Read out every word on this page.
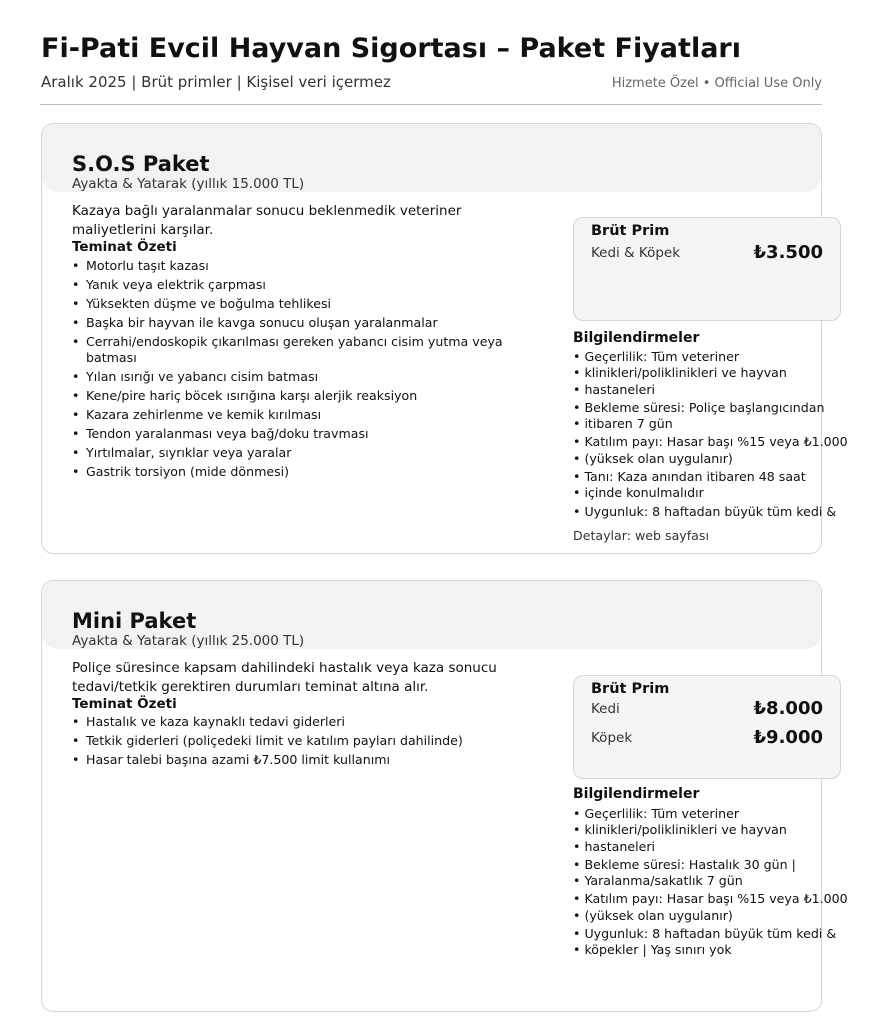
Fi-Pati Evcil Hayvan Sigortası – Paket Fiyatları
Aralık 2025 | Brüt primler | Kişisel veri içermez	Hizmete Özel • Official Use Only
S.O.S Paket
Ayakta & Yatarak (yıllık 15.000 TL)
Kazaya bağlı yaralanmalar sonucu beklenmedik veteriner maliyetlerini karşılar.
Teminat Özeti
• Motorlu taşıt kazası
• Yanık veya elektrik çarpması
• Yüksekten düşme ve boğulma tehlikesi
• Başka bir hayvan ile kavga sonucu oluşan yaralanmalar
• Cerrahi/endoskopik çıkarılması gereken yabancı cisim yutma veya batması
• Yılan ısırığı ve yabancı cisim batması
• Kene/pire hariç böcek ısırığına karşı alerjik reaksiyon
• Kazara zehirlenme ve kemik kırılması
• Tendon yaralanması veya bağ/doku travması
• Yırtılmalar, sıyrıklar veya yaralar
• Gastrik torsiyon (mide dönmesi)
Brüt Prim
Kedi & Köpek	₺3.500
Bilgilendirmeler
• Geçerlilik: Tüm veteriner
• klinikleri/poliklinikleri ve hayvan
• hastaneleri
• Bekleme süresi: Poliçe başlangıcından
• itibaren 7 gün
• Katılım payı: Hasar başı %15 veya ₺1.000
• (yüksek olan uygulanır)
• Tanı: Kaza anından itibaren 48 saat
• içinde konulmalıdır
• Uygunluk: 8 haftadan büyük tüm kedi &
Detaylar: web sayfası
Mini Paket
Ayakta & Yatarak (yıllık 25.000 TL)
Poliçe süresince kapsam dahilindeki hastalık veya kaza sonucu tedavi/tetkik gerektiren durumları teminat altına alır.
Teminat Özeti
• Hastalık ve kaza kaynaklı tedavi giderleri
• Tetkik giderleri (poliçedeki limit ve katılım payları dahilinde)
• Hasar talebi başına azami ₺7.500 limit kullanımı
Brüt Prim
Kedi	₺8.000
Köpek	₺9.000
Bilgilendirmeler
• Geçerlilik: Tüm veteriner
• klinikleri/poliklinikleri ve hayvan
• hastaneleri
• Bekleme süresi: Hastalık 30 gün |
• Yaralanma/sakatlık 7 gün
• Katılım payı: Hasar başı %15 veya ₺1.000
• (yüksek olan uygulanır)
• Uygunluk: 8 haftadan büyük tüm kedi &
• köpekler | Yaş sınırı yok
